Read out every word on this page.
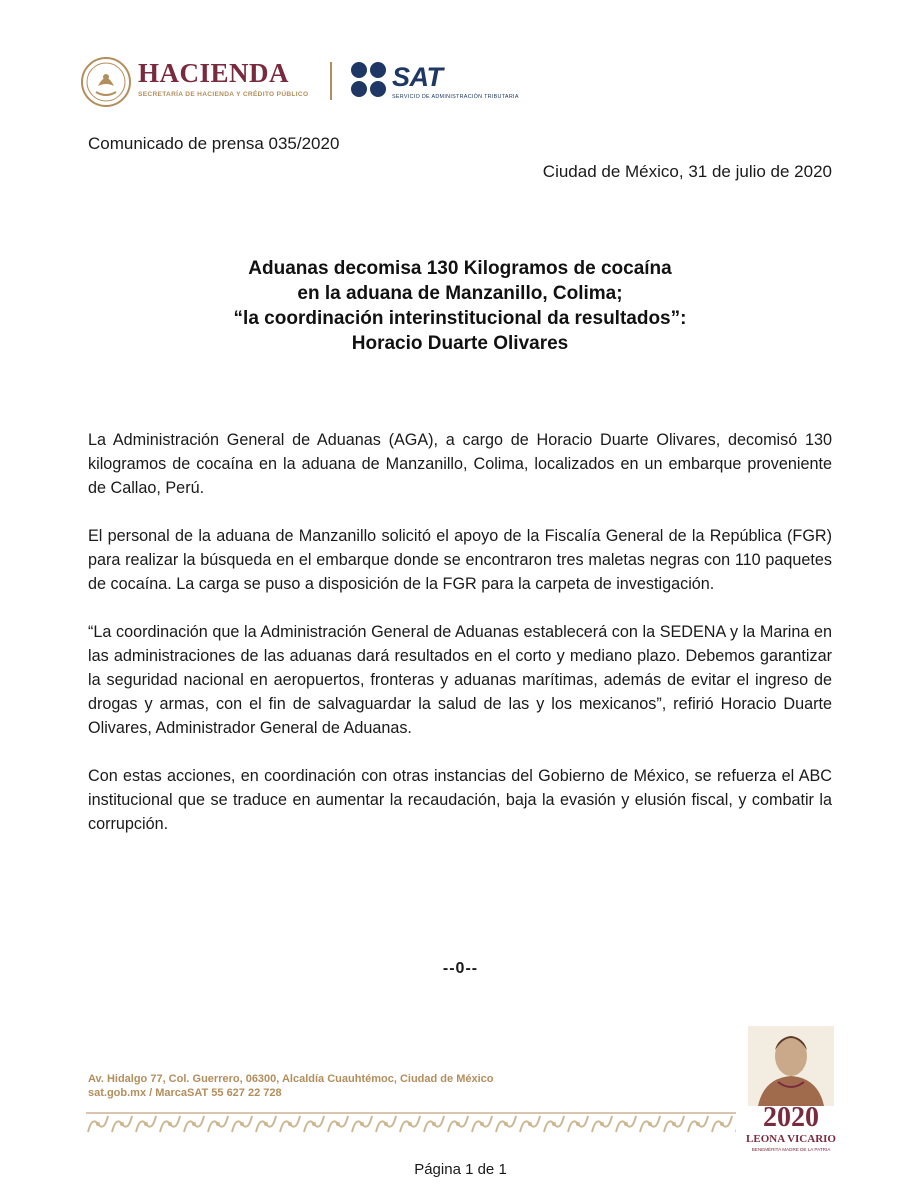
HACIENDA
SECRETARÍA DE HACIENDA Y CRÉDITO PÚBLICO
SAT
SERVICIO DE ADMINISTRACIÓN TRIBUTARIA
Comunicado de prensa 035/2020
Ciudad de México, 31 de julio de 2020
Aduanas decomisa 130 Kilogramos de cocaína
en la aduana de Manzanillo, Colima;
“la coordinación interinstitucional da resultados”:
Horacio Duarte Olivares

La Administración General de Aduanas (AGA), a cargo de Horacio Duarte Olivares, decomisó 130 kilogramos de cocaína en la aduana de Manzanillo, Colima, localizados en un embarque proveniente de Callao, Perú.

El personal de la aduana de Manzanillo solicitó el apoyo de la Fiscalía General de la República (FGR) para realizar la búsqueda en el embarque donde se encontraron tres maletas negras con 110 paquetes de cocaína. La carga se puso a disposición de la FGR para la carpeta de investigación.

“La coordinación que la Administración General de Aduanas establecerá con la SEDENA y la Marina en las administraciones de las aduanas dará resultados en el corto y mediano plazo. Debemos garantizar la seguridad nacional en aeropuertos, fronteras y aduanas marítimas, además de evitar el ingreso de drogas y armas, con el fin de salvaguardar la salud de las y los mexicanos”, refirió Horacio Duarte Olivares, Administrador General de Aduanas.

Con estas acciones, en coordinación con otras instancias del Gobierno de México, se refuerza el ABC institucional que se traduce en aumentar la recaudación, baja la evasión y elusión fiscal, y combatir la corrupción.

--0--
Av. Hidalgo 77, Col. Guerrero, 06300, Alcaldía Cuauhtémoc, Ciudad de México
sat.gob.mx / MarcaSAT 55 627 22 728
2020
LEONA VICARIO
BENEMÉRITA MADRE DE LA PATRIA
Página 1 de 1
